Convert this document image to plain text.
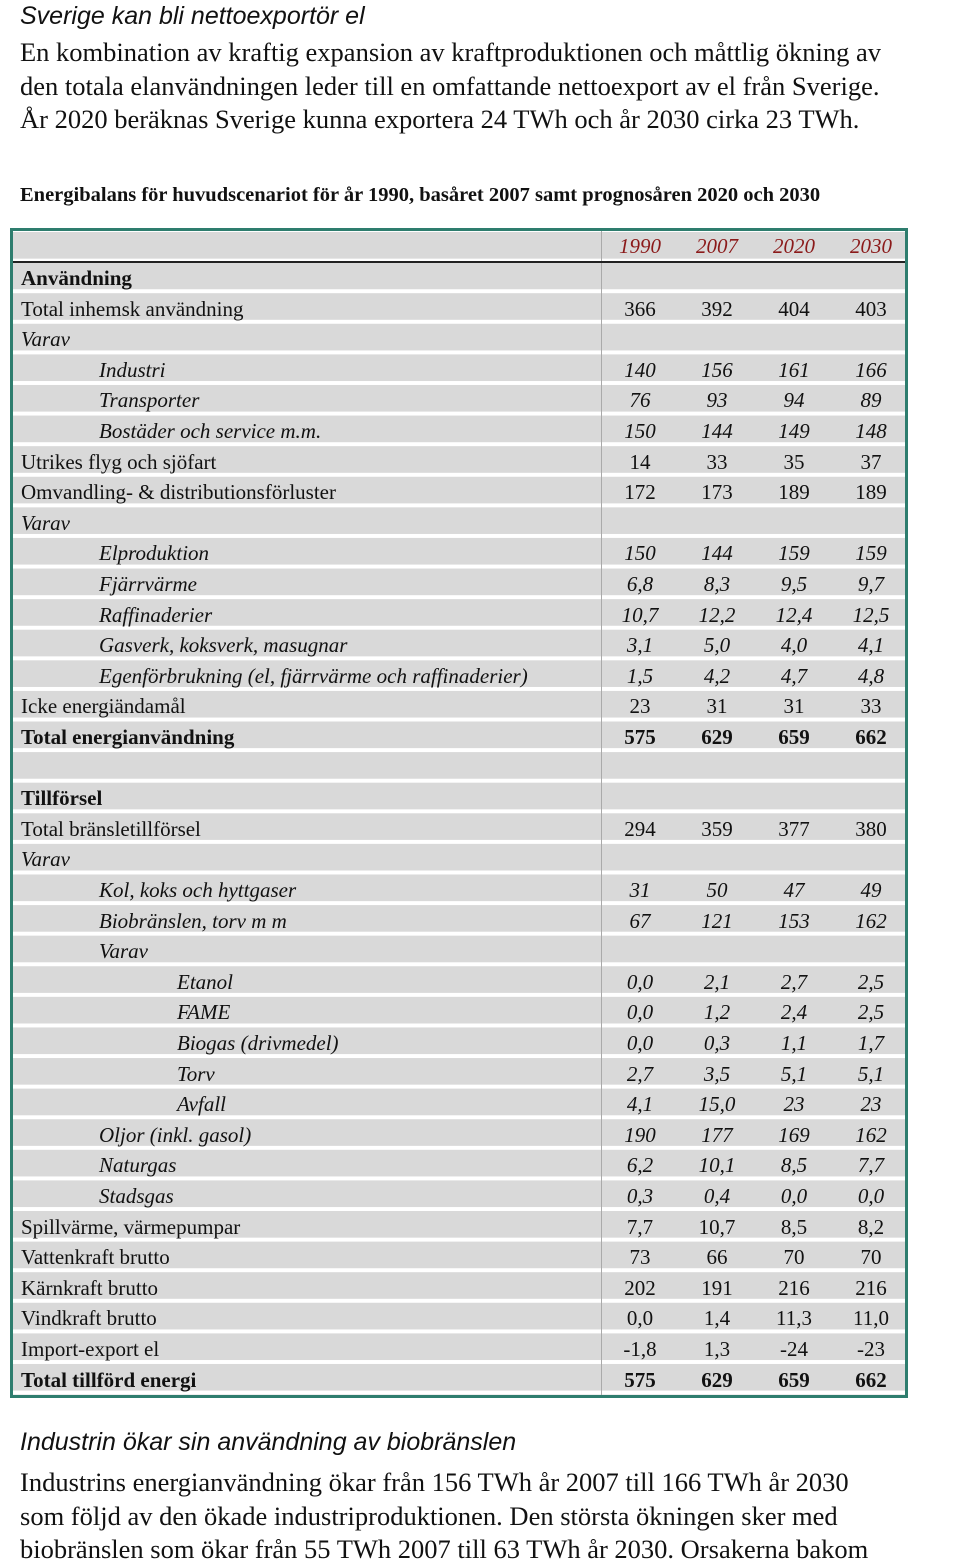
Sverige kan bli nettoexportör el
En kombination av kraftig expansion av kraftproduktionen och måttlig ökning av
den totala elanvändningen leder till en omfattande nettoexport av el från Sverige.
År 2020 beräknas Sverige kunna exportera 24 TWh och år 2030 cirka 23 TWh.
Energibalans för huvudscenariot för år 1990, basåret 2007 samt prognosåren 2020 och 2030
1990	2007	2020	2030
Användning
Total inhemsk användning	366	392	404	403
Varav
Industri	140	156	161	166
Transporter	76	93	94	89
Bostäder och service m.m.	150	144	149	148
Utrikes flyg och sjöfart	14	33	35	37
Omvandling- & distributionsförluster	172	173	189	189
Varav
Elproduktion	150	144	159	159
Fjärrvärme	6,8	8,3	9,5	9,7
Raffinaderier	10,7	12,2	12,4	12,5
Gasverk, koksverk, masugnar	3,1	5,0	4,0	4,1
Egenförbrukning (el, fjärrvärme och raffinaderier)	1,5	4,2	4,7	4,8
Icke energiändamål	23	31	31	33
Total energianvändning	575	629	659	662
Tillförsel
Total bränsletillförsel	294	359	377	380
Varav
Kol, koks och hyttgaser	31	50	47	49
Biobränslen, torv m m	67	121	153	162
Varav
Etanol	0,0	2,1	2,7	2,5
FAME	0,0	1,2	2,4	2,5
Biogas (drivmedel)	0,0	0,3	1,1	1,7
Torv	2,7	3,5	5,1	5,1
Avfall	4,1	15,0	23	23
Oljor (inkl. gasol)	190	177	169	162
Naturgas	6,2	10,1	8,5	7,7
Stadsgas	0,3	0,4	0,0	0,0
Spillvärme, värmepumpar	7,7	10,7	8,5	8,2
Vattenkraft brutto	73	66	70	70
Kärnkraft brutto	202	191	216	216
Vindkraft brutto	0,0	1,4	11,3	11,0
Import-export el	-1,8	1,3	-24	-23
Total tillförd energi	575	629	659	662
Industrin ökar sin användning av biobränslen
Industrins energianvändning ökar från 156 TWh år 2007 till 166 TWh år 2030
som följd av den ökade industriproduktionen. Den största ökningen sker med
biobränslen som ökar från 55 TWh 2007 till 63 TWh år 2030. Orsakerna bakom
